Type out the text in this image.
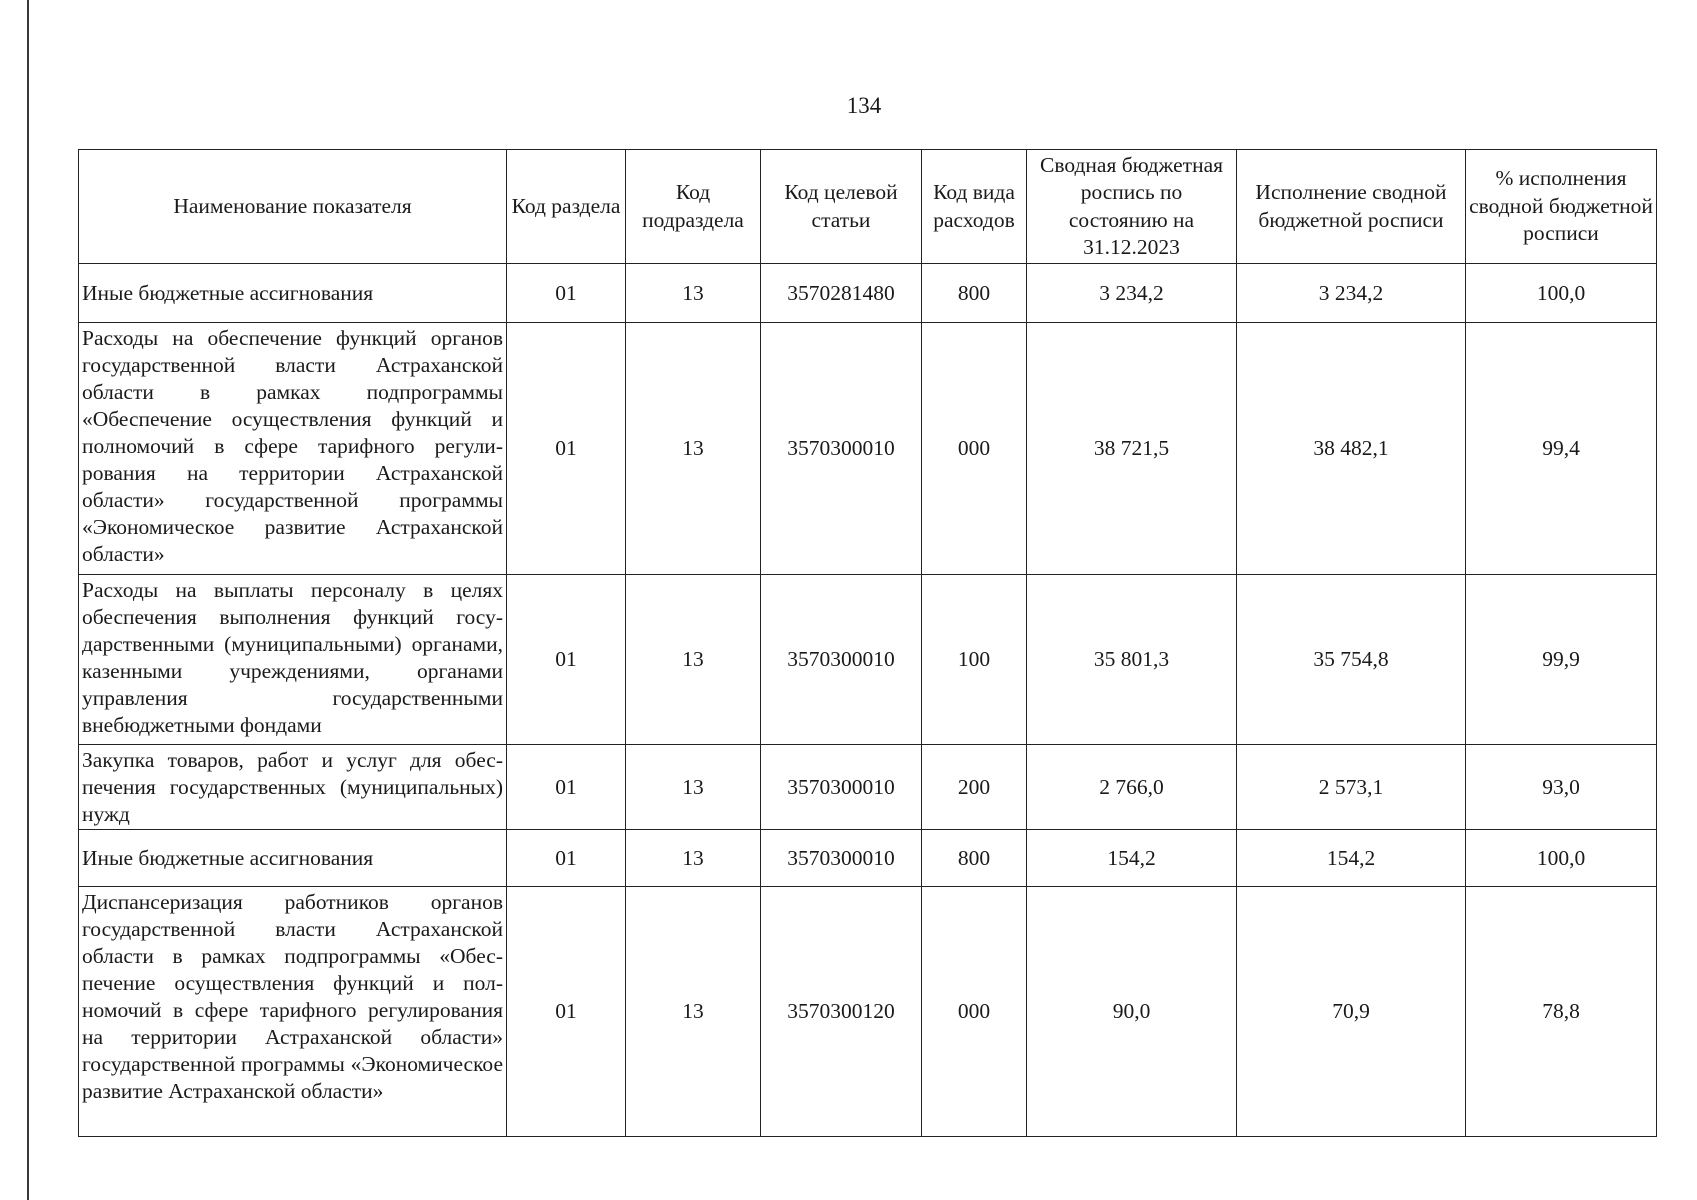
134
Наименование показателя	Код раздела	Код подраздела	Код целевой статьи	Код вида расходов	Сводная бюджетная роспись по состоянию на 31.12.2023	Исполнение сводной бюджетной росписи	% исполнения сводной бюджетной росписи
Иные бюджетные ассигнования	01	13	3570281480	800	3 234,2	3 234,2	100,0
Расходы на обеспечение функций органов государственной власти Астраханской области в рамках подпрограммы «Обеспечение осуществления функций и полномочий в сфере тарифного регулирования на территории Астраханской области» государственной программы «Экономическое развитие Астраханской области»	01	13	3570300010	000	38 721,5	38 482,1	99,4
Расходы на выплаты персоналу в целях обеспечения выполнения функций государственными (муниципальными) органами, казенными учреждениями, органами управления государственными внебюджетными фондами	01	13	3570300010	100	35 801,3	35 754,8	99,9
Закупка товаров, работ и услуг для обеспечения государственных (муниципальных) нужд	01	13	3570300010	200	2 766,0	2 573,1	93,0
Иные бюджетные ассигнования	01	13	3570300010	800	154,2	154,2	100,0
Диспансеризация работников органов государственной власти Астраханской области в рамках подпрограммы «Обеспечение осуществления функций и полномочий в сфере тарифного регулирования на территории Астраханской области» государственной программы «Экономическое развитие Астраханской области»	01	13	3570300120	000	90,0	70,9	78,8
